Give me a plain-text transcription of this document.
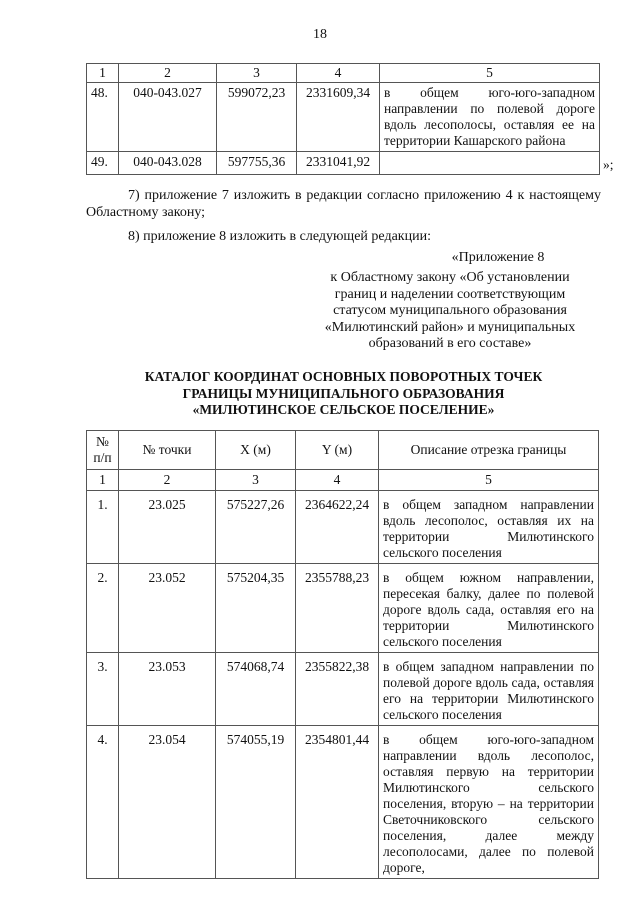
18
1	2	3	4	5	
48.	040-043.027	599072,23	2331609,34	в общем юго-юго-западном направлении по полевой дороге вдоль лесополосы, оставляя ее на территории Кашарского района	
49.	040-043.028	597755,36	2331041,92		»;
7) приложение 7 изложить в редакции согласно приложению 4 к настоящему Областному закону;
8) приложение 8 изложить в следующей редакции:
«Приложение 8
к Областному закону «Об установлении
границ и наделении соответствующим
статусом муниципального образования
«Милютинский район» и муниципальных
образований в его составе»
КАТАЛОГ КООРДИНАТ ОСНОВНЫХ ПОВОРОТНЫХ ТОЧЕК
ГРАНИЦЫ МУНИЦИПАЛЬНОГО ОБРАЗОВАНИЯ
«МИЛЮТИНСКОЕ СЕЛЬСКОЕ ПОСЕЛЕНИЕ»
№ п/п	№ точки	X (м)	Y (м)	Описание отрезка границы
1	2	3	4	5
1.	23.025	575227,26	2364622,24	в общем западном направлении вдоль лесополос, оставляя их на территории Милютинского сельского поселения
2.	23.052	575204,35	2355788,23	в общем южном направлении, пересекая балку, далее по полевой дороге вдоль сада, оставляя его на территории Милютинского сельского поселения
3.	23.053	574068,74	2355822,38	в общем западном направлении по полевой дороге вдоль сада, оставляя его на территории Милютинского сельского поселения
4.	23.054	574055,19	2354801,44	в общем юго-юго-западном направлении вдоль лесополос, оставляя первую на территории Милютинского сельского поселения, вторую – на территории Светочниковского сельского поселения, далее между лесополосами, далее по полевой дороге,
